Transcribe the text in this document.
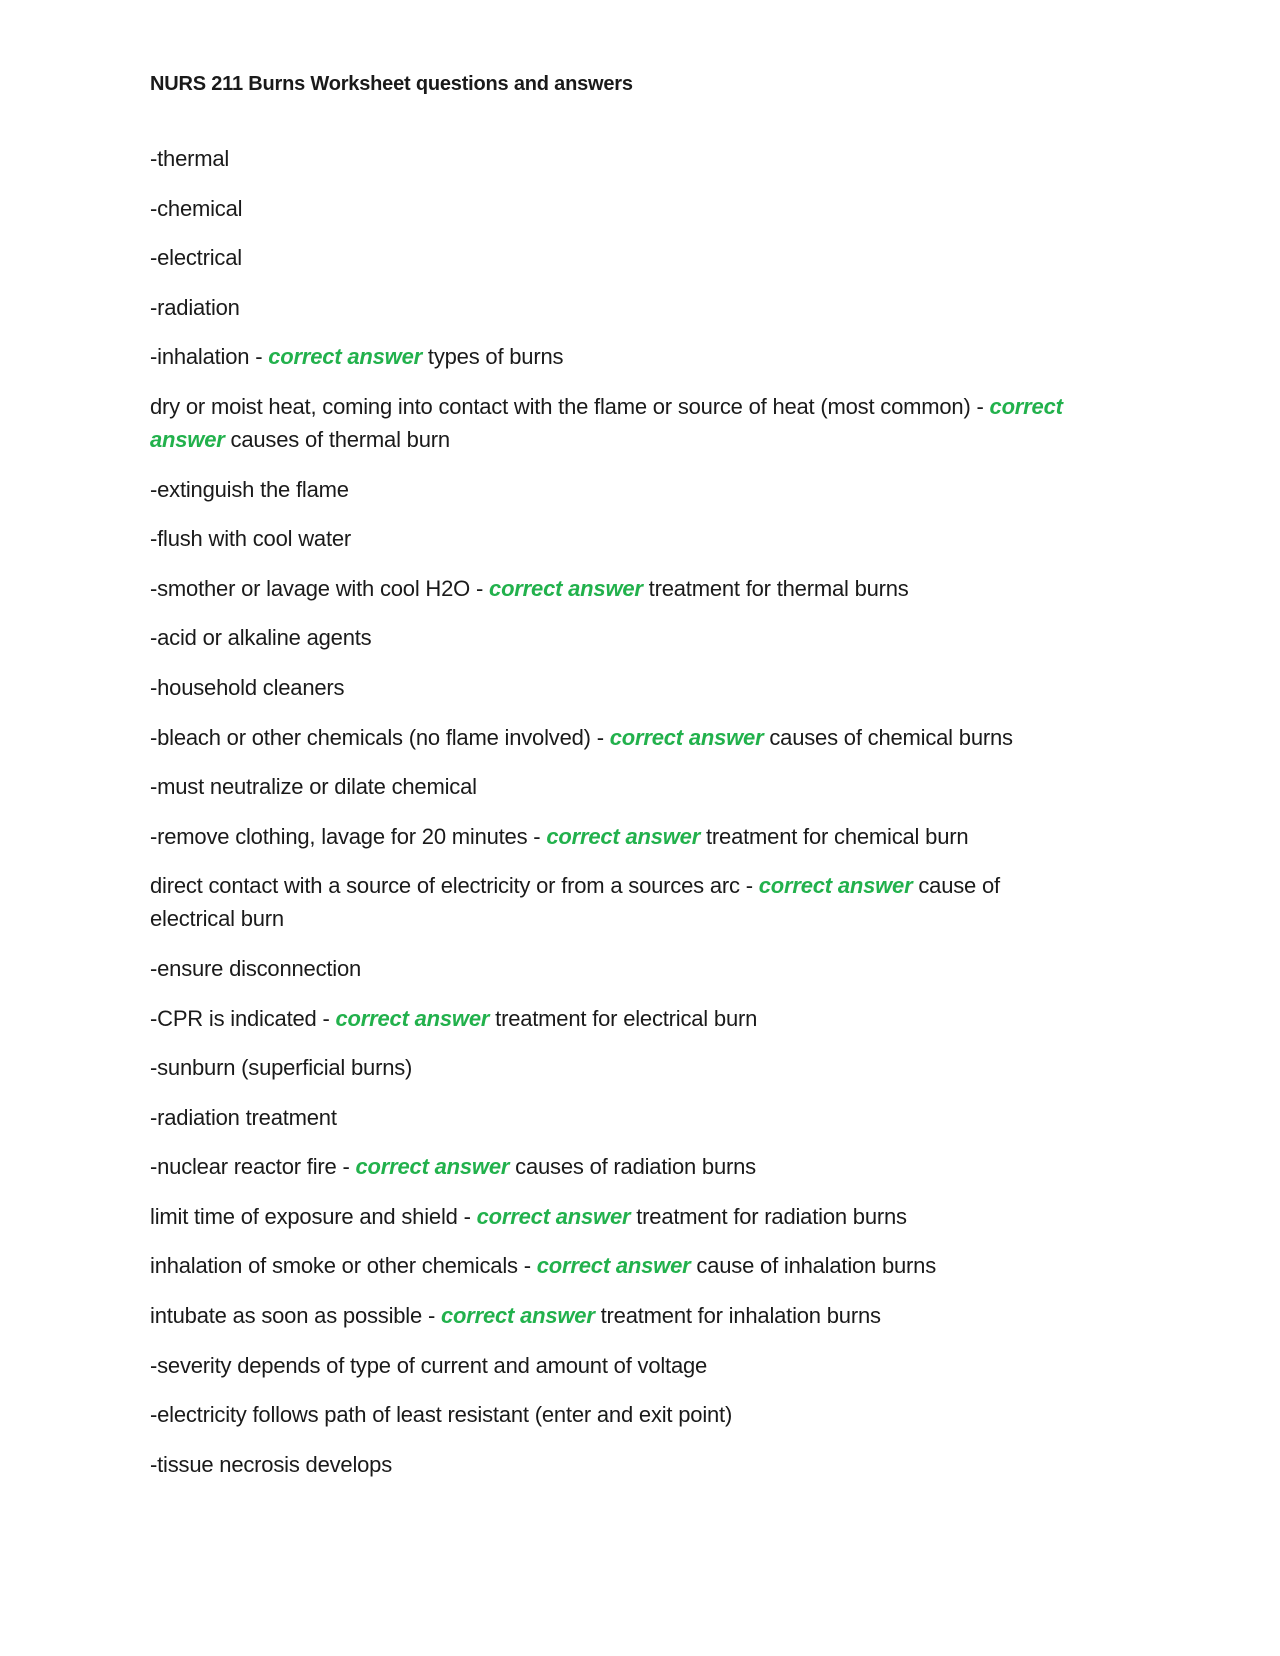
NURS 211 Burns Worksheet questions and answers
-thermal
-chemical
-electrical
-radiation
-inhalation - correct answer types of burns
dry or moist heat, coming into contact with the flame or source of heat (most common) - correct answer causes of thermal burn
-extinguish the flame
-flush with cool water
-smother or lavage with cool H2O - correct answer treatment for thermal burns
-acid or alkaline agents
-household cleaners
-bleach or other chemicals (no flame involved) - correct answer causes of chemical burns
-must neutralize or dilate chemical
-remove clothing, lavage for 20 minutes - correct answer treatment for chemical burn
direct contact with a source of electricity or from a sources arc - correct answer cause of electrical burn
-ensure disconnection
-CPR is indicated - correct answer treatment for electrical burn
-sunburn (superficial burns)
-radiation treatment
-nuclear reactor fire - correct answer causes of radiation burns
limit time of exposure and shield - correct answer treatment for radiation burns
inhalation of smoke or other chemicals - correct answer cause of inhalation burns
intubate as soon as possible - correct answer treatment for inhalation burns
-severity depends of type of current and amount of voltage
-electricity follows path of least resistant (enter and exit point)
-tissue necrosis develops
